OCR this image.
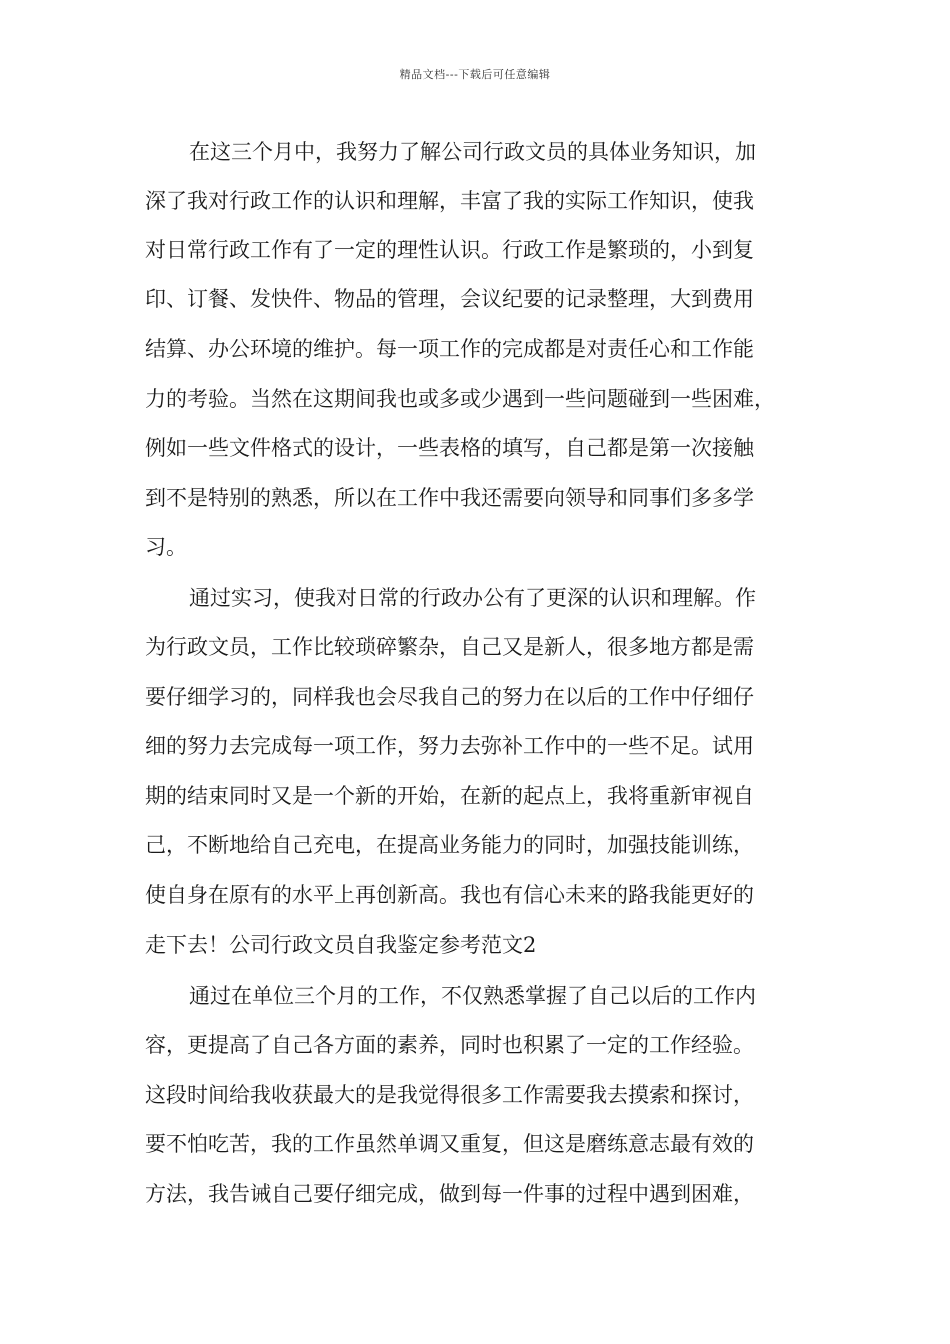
精品文档---下载后可任意编辑
在这三个月中，我努力了解公司行政文员的具体业务知识，加
深了我对行政工作的认识和理解，丰富了我的实际工作知识，使我
对日常行政工作有了一定的理性认识。行政工作是繁琐的，小到复
印、订餐、发快件、物品的管理，会议纪要的记录整理，大到费用
结算、办公环境的维护。每一项工作的完成都是对责任心和工作能
力的考验。当然在这期间我也或多或少遇到一些问题碰到一些困难，
例如一些文件格式的设计，一些表格的填写，自己都是第一次接触
到不是特别的熟悉，所以在工作中我还需要向领导和同事们多多学
习。
通过实习，使我对日常的行政办公有了更深的认识和理解。作
为行政文员，工作比较琐碎繁杂，自己又是新人，很多地方都是需
要仔细学习的，同样我也会尽我自己的努力在以后的工作中仔细仔
细的努力去完成每一项工作，努力去弥补工作中的一些不足。试用
期的结束同时又是一个新的开始，在新的起点上，我将重新审视自
己，不断地给自己充电，在提高业务能力的同时，加强技能训练，
使自身在原有的水平上再创新高。我也有信心未来的路我能更好的
走下去！公司行政文员自我鉴定参考范文2
通过在单位三个月的工作，不仅熟悉掌握了自己以后的工作内
容，更提高了自己各方面的素养，同时也积累了一定的工作经验。
这段时间给我收获最大的是我觉得很多工作需要我去摸索和探讨，
要不怕吃苦，我的工作虽然单调又重复，但这是磨练意志最有效的
方法，我告诫自己要仔细完成，做到每一件事的过程中遇到困难，
